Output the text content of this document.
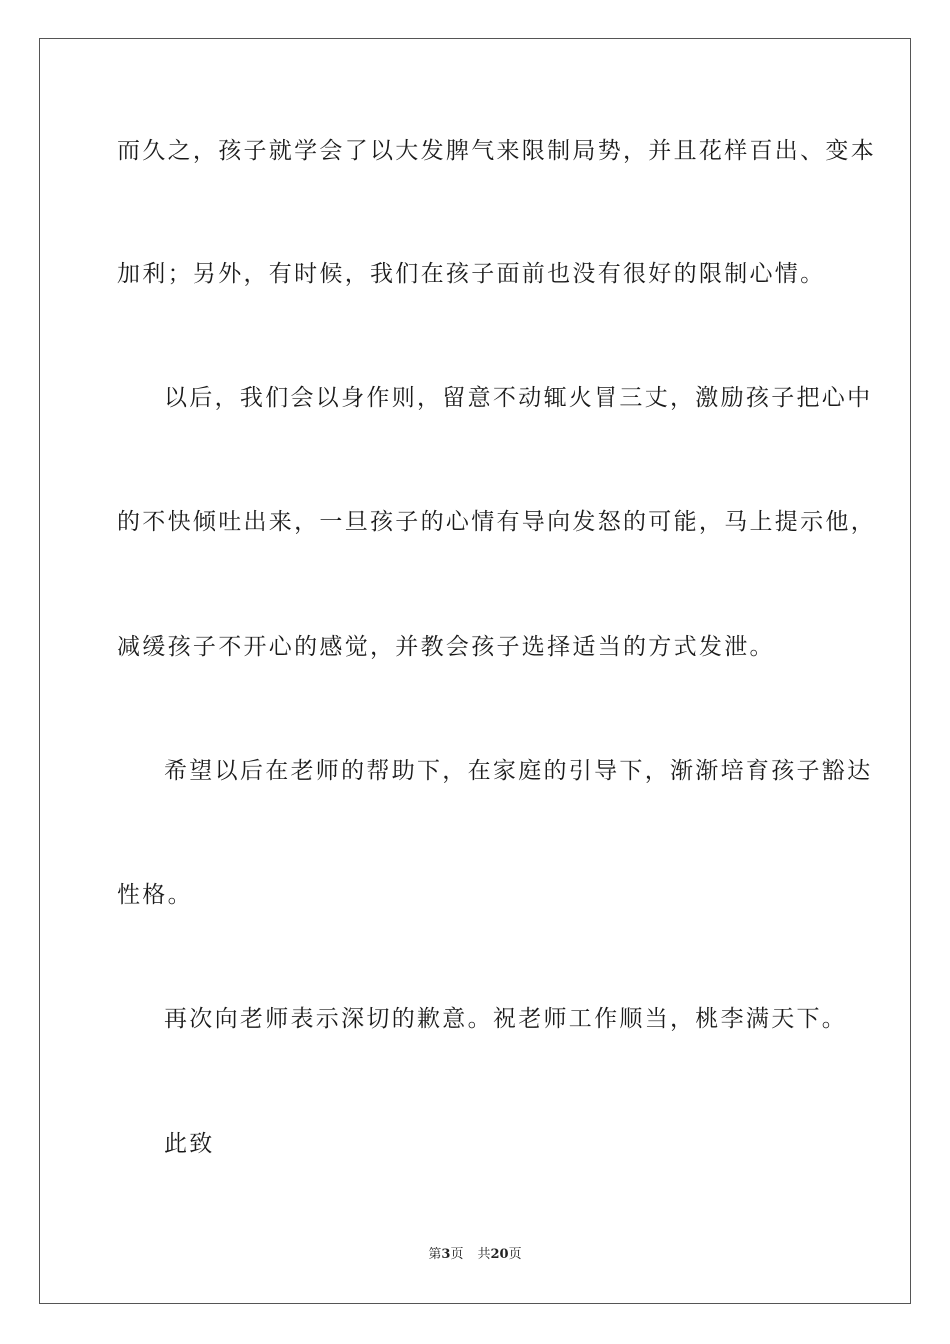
而久之，孩子就学会了以大发脾气来限制局势，并且花样百出、变本
加利；另外，有时候，我们在孩子面前也没有很好的限制心情。
以后，我们会以身作则，留意不动辄火冒三丈，激励孩子把心中
的不快倾吐出来，一旦孩子的心情有导向发怒的可能，马上提示他，
减缓孩子不开心的感觉，并教会孩子选择适当的方式发泄。
希望以后在老师的帮助下，在家庭的引导下，渐渐培育孩子豁达
性格。
再次向老师表示深切的歉意。祝老师工作顺当，桃李满天下。
此致
第3页 共20页
